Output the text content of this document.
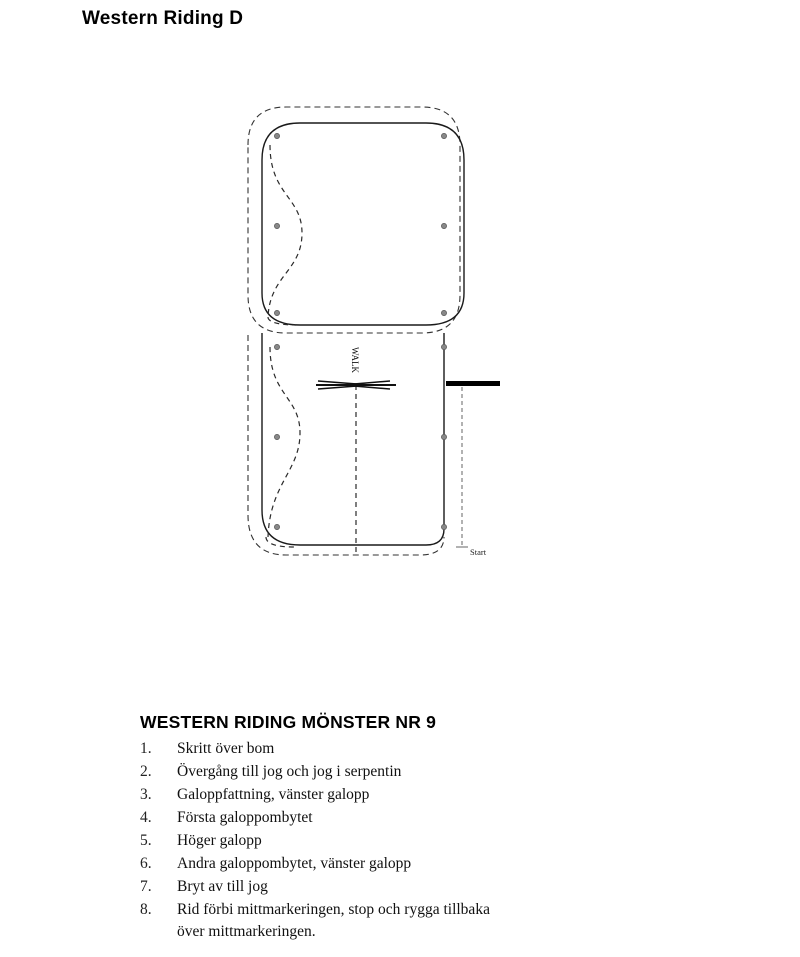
Western Riding D
WALK
Start
WESTERN RIDING MÖNSTER NR 9
1.	Skritt över bom
2.	Övergång till jog och jog i serpentin
3.	Galoppfattning, vänster galopp
4.	Första galoppombytet
5.	Höger galopp
6.	Andra galoppombytet, vänster galopp
7.	Bryt av till jog
8.	Rid förbi mittmarkeringen, stop och rygga tillbaka
över mittmarkeringen.
